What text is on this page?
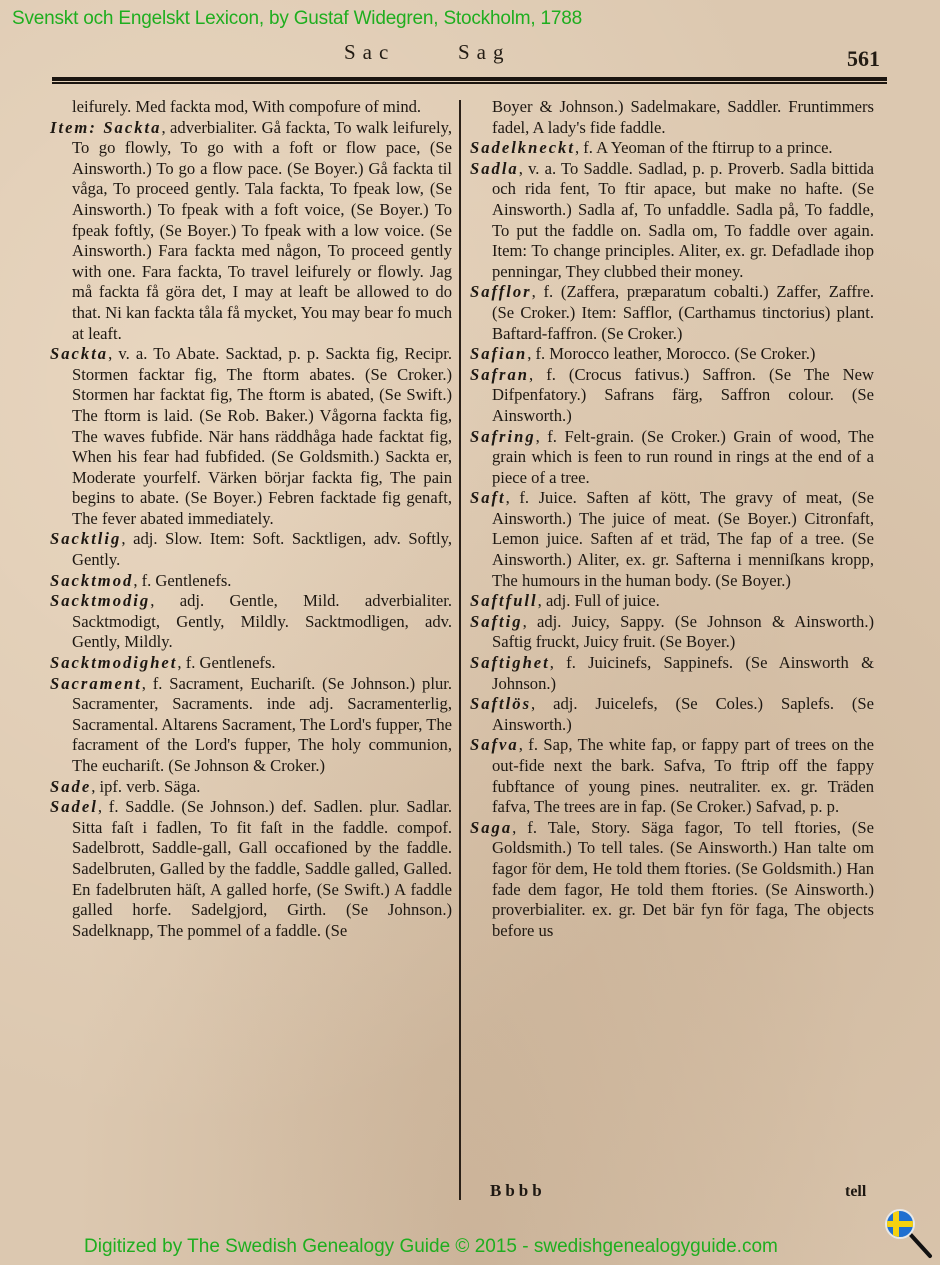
Svenskt och Engelskt Lexicon, by Gustaf Widegren, Stockholm, 1788
Sac	Sag	561

leifurely. Med fackta mod, With compofure of mind.

Item: Sackta, adverbialiter. Gå fackta, To walk leifurely, To go flowly, To go with a foft or flow pace, (Se Ainsworth.) To go a flow pace. (Se Boyer.) Gå fackta til våga, To proceed gently. Tala fackta, To fpeak low, (Se Ainsworth.) To fpeak with a foft voice, (Se Boyer.) To fpeak foftly, (Se Boyer.) To fpeak with a low voice. (Se Ainsworth.) Fara fackta med någon, To proceed gently with one. Fara fackta, To travel leifurely or flowly. Jag må fackta få göra det, I may at leaft be allowed to do that. Ni kan fackta tåla få mycket, You may bear fo much at leaft.

Sackta, v. a. To Abate. Sacktad, p. p. Sackta fig, Recipr. Stormen facktar fig, The ftorm abates. (Se Croker.) Stormen har facktat fig, The ftorm is abated, (Se Swift.) The ftorm is laid. (Se Rob. Baker.) Vågorna fackta fig, The waves fubfide. När hans räddhåga hade facktat fig, When his fear had fubfided. (Se Goldsmith.) Sackta er, Moderate yourfelf. Värken börjar fackta fig, The pain begins to abate. (Se Boyer.) Febren facktade fig genaft, The fever abated immediately.

Sacktlig, adj. Slow. Item: Soft. Sacktligen, adv. Softly, Gently.

Sacktmod, f. Gentlenefs.

Sacktmodig, adj. Gentle, Mild. adverbialiter. Sacktmodigt, Gently, Mildly. Sacktmodligen, adv. Gently, Mildly.

Sacktmodighet, f. Gentlenefs.

Sacrament, f. Sacrament, Euchariſt. (Se Johnson.) plur. Sacramenter, Sacraments. inde adj. Sacramenterlig, Sacramental. Altarens Sacrament, The Lord's fupper, The facrament of the Lord's fupper, The holy communion, The euchariſt. (Se Johnson & Croker.)

Sade, ipf. verb. Säga.

Sadel, f. Saddle. (Se Johnson.) def. Sadlen. plur. Sadlar. Sitta faſt i fadlen, To fit faſt in the faddle. compof. Sadelbrott, Saddle-gall, Gall occafioned by the faddle. Sadelbruten, Galled by the faddle, Saddle galled, Galled. En fadelbruten häſt, A galled horfe, (Se Swift.) A faddle galled horfe. Sadelgjord, Girth. (Se Johnson.) Sadelknapp, The pommel of a faddle. (Se

Boyer & Johnson.) Sadelmakare, Saddler. Fruntimmers fadel, A lady's fide faddle.

Sadelkneckt, f. A Yeoman of the ftirrup to a prince.

Sadla, v. a. To Saddle. Sadlad, p. p. Proverb. Sadla bittida och rida fent, To ftir apace, but make no hafte. (Se Ainsworth.) Sadla af, To unfaddle. Sadla på, To faddle, To put the faddle on. Sadla om, To faddle over again. Item: To change principles. Aliter, ex. gr. Defadlade ihop penningar, They clubbed their money.

Safflor, f. (Zaffera, præparatum cobalti.) Zaffer, Zaffre. (Se Croker.) Item: Safflor, (Carthamus tinctorius) plant. Baftard-faffron. (Se Croker.)

Safian, f. Morocco leather, Morocco. (Se Croker.)

Safran, f. (Crocus fativus.) Saffron. (Se The New Difpenfatory.) Safrans färg, Saffron colour. (Se Ainsworth.)

Safring, f. Felt-grain. (Se Croker.) Grain of wood, The grain which is feen to run round in rings at the end of a piece of a tree.

Saft, f. Juice. Saften af kött, The gravy of meat, (Se Ainsworth.) The juice of meat. (Se Boyer.) Citronfaft, Lemon juice. Saften af et träd, The fap of a tree. (Se Ainsworth.) Aliter, ex. gr. Safterna i menniſkans kropp, The humours in the human body. (Se Boyer.)

Saftfull, adj. Full of juice.

Saftig, adj. Juicy, Sappy. (Se Johnson & Ainsworth.) Saftig fruckt, Juicy fruit. (Se Boyer.)

Saftighet, f. Juicinefs, Sappinefs. (Se Ainsworth & Johnson.)

Saftlös, adj. Juicelefs, (Se Coles.) Saplefs. (Se Ainsworth.)

Safva, f. Sap, The white fap, or fappy part of trees on the out-fide next the bark. Safva, To ftrip off the fappy fubftance of young pines. neutraliter. ex. gr. Träden fafva, The trees are in fap. (Se Croker.) Safvad, p. p.

Saga, f. Tale, Story. Säga fagor, To tell ftories, (Se Goldsmith.) To tell tales. (Se Ainsworth.) Han talte om fagor för dem, He told them ftories. (Se Goldsmith.) Han fade dem fagor, He told them ftories. (Se Ainsworth.) proverbialiter. ex. gr. Det bär fyn för faga, The objects before us

Bbbb	tell
Digitized by The Swedish Genealogy Guide © 2015 - swedishgenealogyguide.com
